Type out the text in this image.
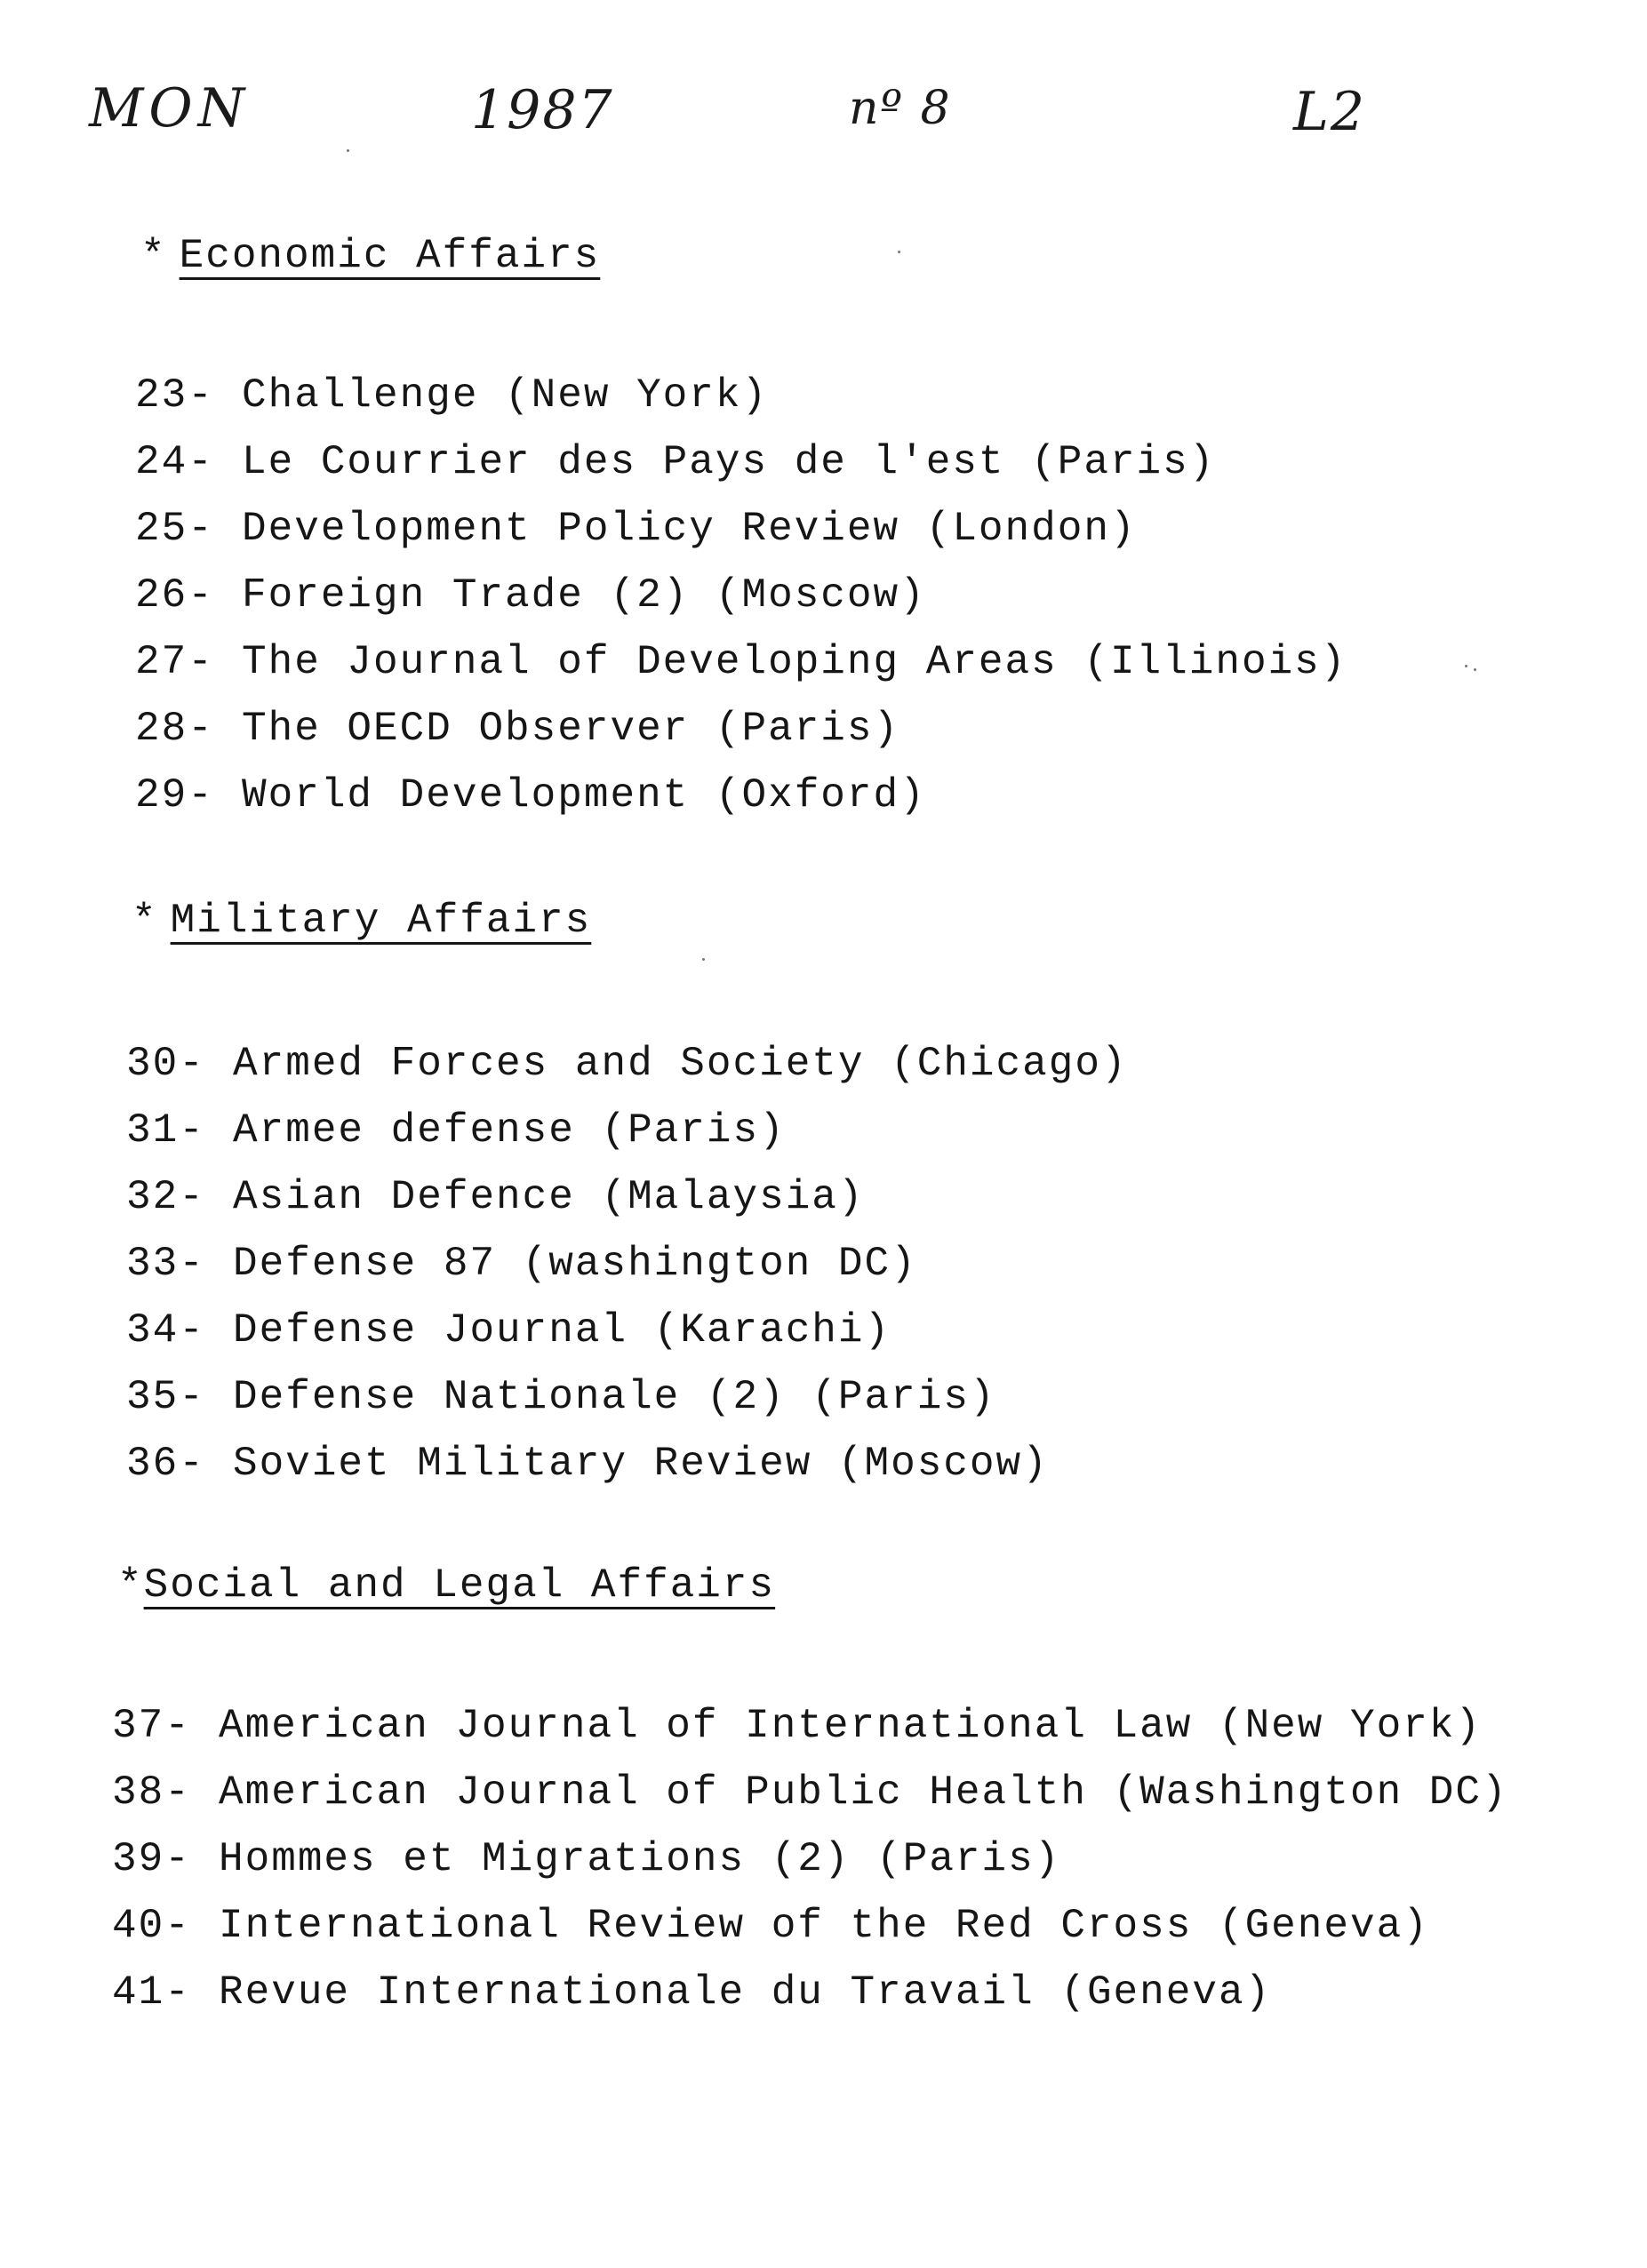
MON	1987	nº 8	L2
* Economic Affairs
23- Challenge (New York)
24- Le Courrier des Pays de l'est (Paris)
25- Development Policy Review (London)
26- Foreign Trade (2) (Moscow)
27- The Journal of Developing Areas (Illinois)
28- The OECD Observer (Paris)
29- World Development (Oxford)
* Military Affairs
30- Armed Forces and Society (Chicago)
31- Armee defense (Paris)
32- Asian Defence (Malaysia)
33- Defense 87 (washington DC)
34- Defense Journal (Karachi)
35- Defense Nationale (2) (Paris)
36- Soviet Military Review (Moscow)
*Social and Legal Affairs
37- American Journal of International Law (New York)
38- American Journal of Public Health (Washington DC)
39- Hommes et Migrations (2) (Paris)
40- International Review of the Red Cross (Geneva)
41- Revue Internationale du Travail (Geneva)
